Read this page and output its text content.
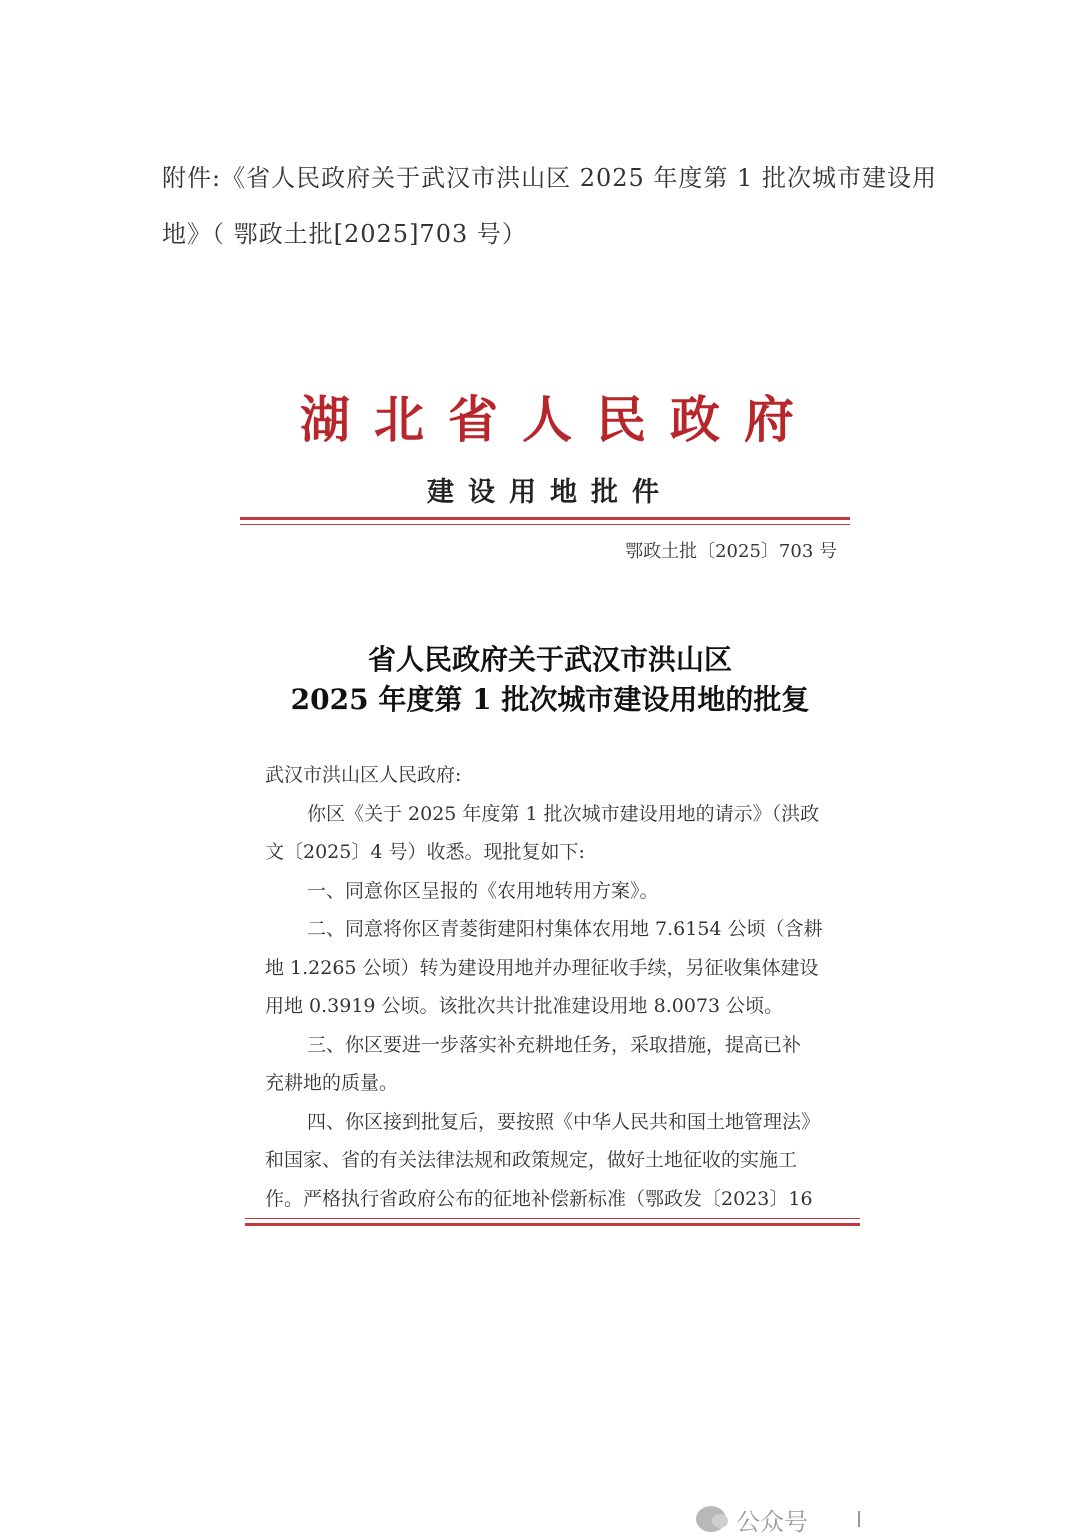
附件:《省人民政府关于武汉市洪山区 2025 年度第 1 批次城市建设用
地》（ 鄂政土批[2025]703 号）
湖北省人民政府
建设用地批件
鄂政土批〔2025〕703 号
省人民政府关于武汉市洪山区
2025 年度第 1 批次城市建设用地的批复
武汉市洪山区人民政府:
你区《关于 2025 年度第 1 批次城市建设用地的请示》（洪政
文〔2025〕4 号）收悉。现批复如下:
一、同意你区呈报的《农用地转用方案》。
二、同意将你区青菱街建阳村集体农用地 7.6154 公顷（含耕
地 1.2265 公顷）转为建设用地并办理征收手续，另征收集体建设
用地 0.3919 公顷。该批次共计批准建设用地 8.0073 公顷。
三、你区要进一步落实补充耕地任务，采取措施，提高已补
充耕地的质量。
四、你区接到批复后，要按照《中华人民共和国土地管理法》
和国家、省的有关法律法规和政策规定，做好土地征收的实施工
作。严格执行省政府公布的征地补偿新标准（鄂政发〔2023〕16
公众号
